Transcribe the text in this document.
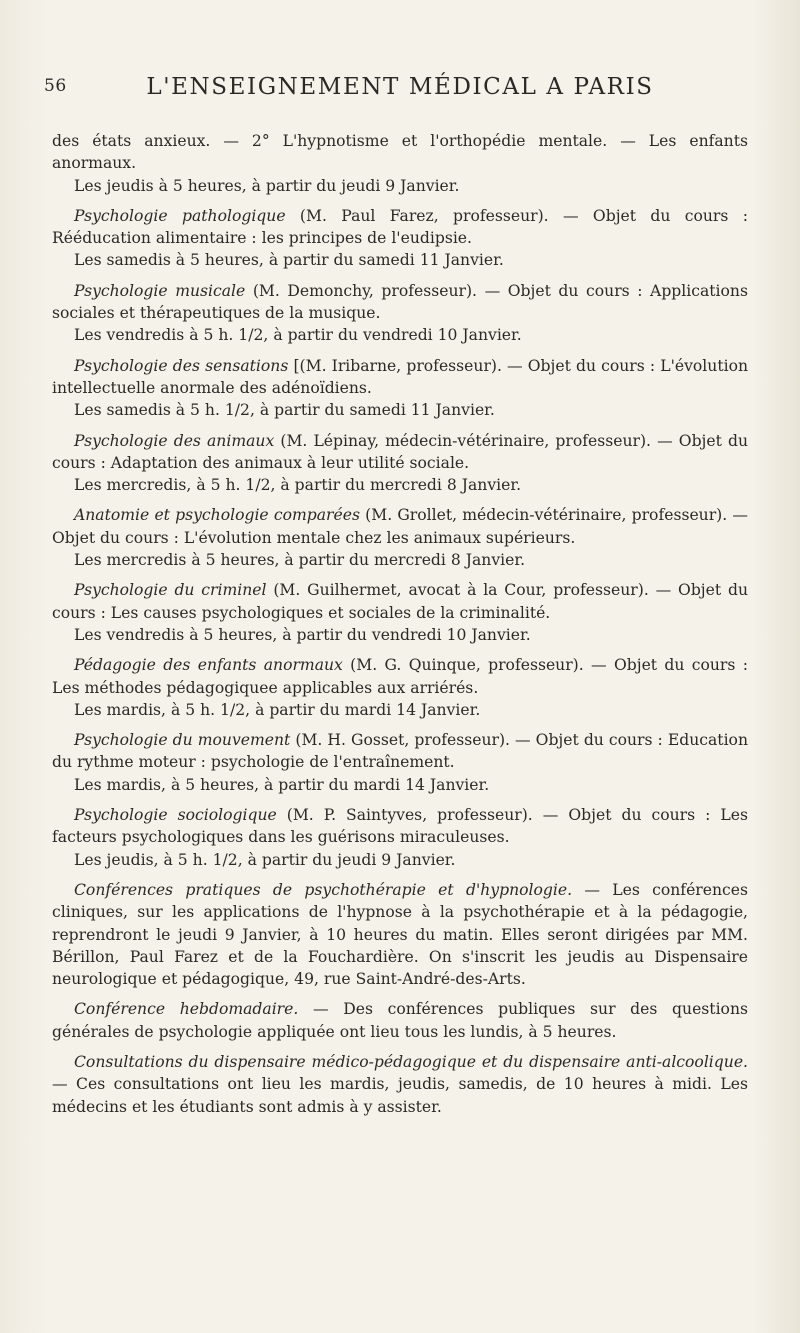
56	L'ENSEIGNEMENT MÉDICAL A PARIS

des états anxieux. — 2° L'hypnotisme et l'orthopédie mentale. — Les enfants anormaux.
Les jeudis à 5 heures, à partir du jeudi 9 Janvier.

Psychologie pathologique (M. Paul Farez, professeur). — Objet du cours : Rééducation alimentaire : les principes de l'eudipsie.
Les samedis à 5 heures, à partir du samedi 11 Janvier.

Psychologie musicale (M. Demonchy, professeur). — Objet du cours : Applications sociales et thérapeutiques de la musique.
Les vendredis à 5 h. 1/2, à partir du vendredi 10 Janvier.

Psychologie des sensations [(M. Iribarne, professeur). — Objet du cours : L'évolution intellectuelle anormale des adénoïdiens.
Les samedis à 5 h. 1/2, à partir du samedi 11 Janvier.

Psychologie des animaux (M. Lépinay, médecin-vétérinaire, professeur). — Objet du cours : Adaptation des animaux à leur utilité sociale.
Les mercredis, à 5 h. 1/2, à partir du mercredi 8 Janvier.

Anatomie et psychologie comparées (M. Grollet, médecin-vétérinaire, professeur). — Objet du cours : L'évolution mentale chez les animaux supérieurs.
Les mercredis à 5 heures, à partir du mercredi 8 Janvier.

Psychologie du criminel (M. Guilhermet, avocat à la Cour, professeur). — Objet du cours : Les causes psychologiques et sociales de la criminalité.
Les vendredis à 5 heures, à partir du vendredi 10 Janvier.

Pédagogie des enfants anormaux (M. G. Quinque, professeur). — Objet du cours : Les méthodes pédagogiquee applicables aux arriérés.
Les mardis, à 5 h. 1/2, à partir du mardi 14 Janvier.

Psychologie du mouvement (M. H. Gosset, professeur). — Objet du cours : Education du rythme moteur : psychologie de l'entraînement.
Les mardis, à 5 heures, à partir du mardi 14 Janvier.

Psychologie sociologique (M. P. Saintyves, professeur). — Objet du cours : Les facteurs psychologiques dans les guérisons miraculeuses.
Les jeudis, à 5 h. 1/2, à partir du jeudi 9 Janvier.

Conférences pratiques de psychothérapie et d'hypnologie. — Les conférences cliniques, sur les applications de l'hypnose à la psychothérapie et à la pédagogie, reprendront le jeudi 9 Janvier, à 10 heures du matin. Elles seront dirigées par MM. Bérillon, Paul Farez et de la Fouchardière. On s'inscrit les jeudis au Dispensaire neurologique et pédagogique, 49, rue Saint-André-des-Arts.

Conférence hebdomadaire. — Des conférences publiques sur des questions générales de psychologie appliquée ont lieu tous les lundis, à 5 heures.

Consultations du dispensaire médico-pédagogique et du dispensaire anti-alcoolique. — Ces consultations ont lieu les mardis, jeudis, samedis, de 10 heures à midi. Les médecins et les étudiants sont admis à y assister.
